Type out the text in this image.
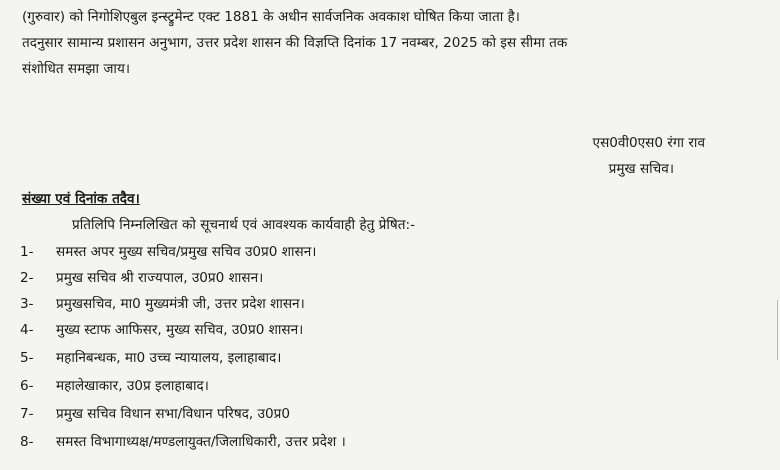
(गुरुवार) को निगोशिएबुल इन्स्ट्रुमेन्ट एक्ट 1881 के अधीन सार्वजनिक अवकाश घोषित किया जाता है।
तदनुसार सामान्य प्रशासन अनुभाग, उत्तर प्रदेश शासन की विज्ञप्ति दिनांक 17 नवम्बर, 2025 को इस सीमा तक
संशोधित समझा जाय।
एस0वी0एस0 रंगा राव
प्रमुख सचिव।
संख्या एवं दिनांक तदैव।
प्रतिलिपि निम्नलिखित को सूचनार्थ एवं आवश्यक कार्यवाही हेतु प्रेषित:-
1- समस्त अपर मुख्य सचिव/प्रमुख सचिव उ0प्र0 शासन।
2- प्रमुख सचिव श्री राज्यपाल, उ0प्र0 शासन।
3- प्रमुखसचिव, मा0 मुख्यमंत्री जी, उत्तर प्रदेश शासन।
4- मुख्य स्टाफ आफिसर, मुख्य सचिव, उ0प्र0 शासन।
5- महानिबन्धक, मा0 उच्च न्यायालय, इलाहाबाद।
6- महालेखाकार, उ0प्र इलाहाबाद।
7- प्रमुख सचिव विधान सभा/विधान परिषद, उ0प्र0
8- समस्त विभागाध्यक्ष/मण्डलायुक्त/जिलाधिकारी, उत्तर प्रदेश ।
